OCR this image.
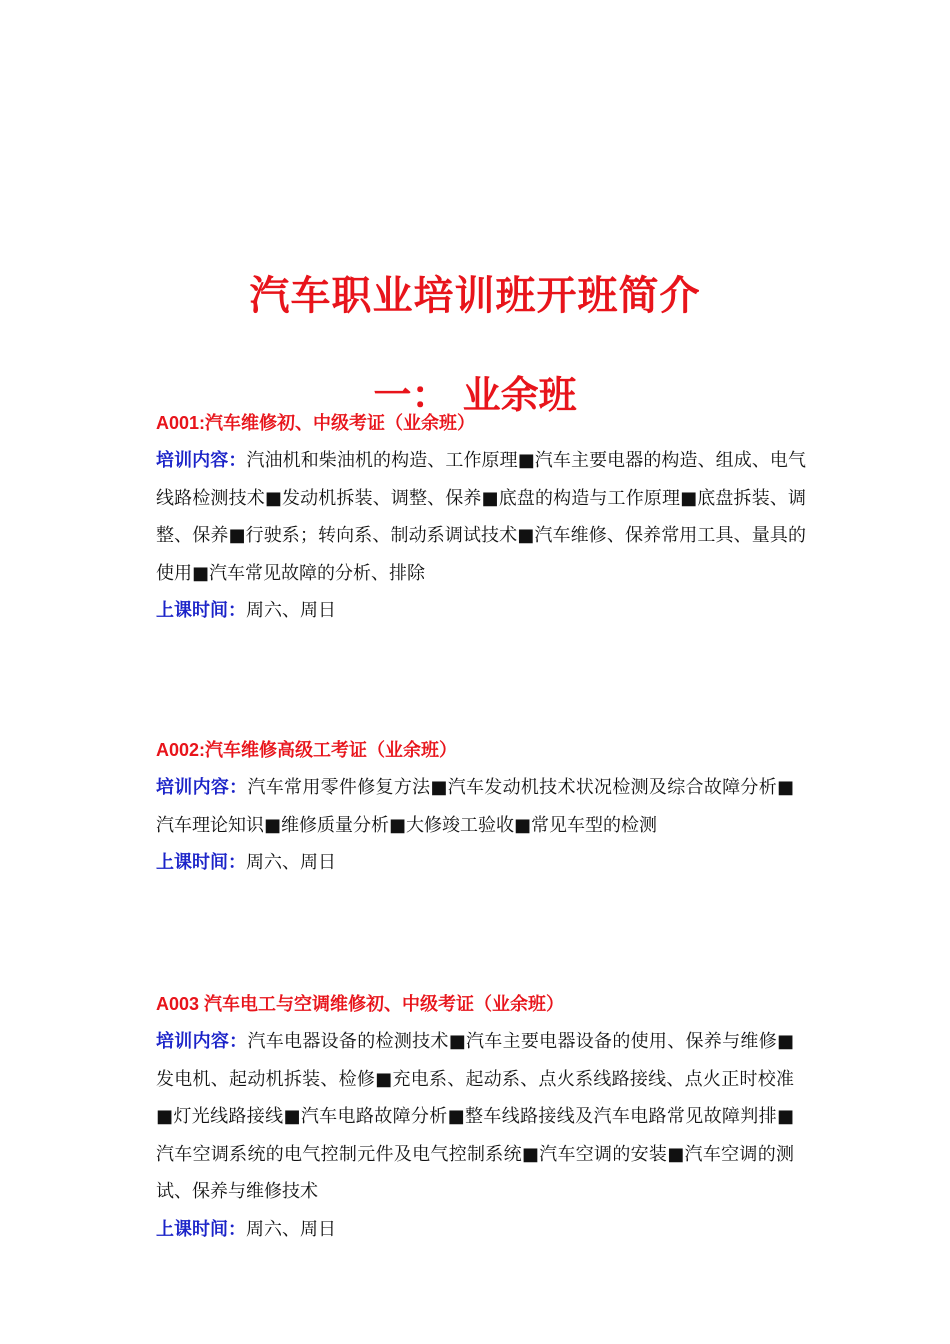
汽车职业培训班开班简介
一： 业余班

A001:汽车维修初、中级考证（业余班）

培训内容：汽油机和柴油机的构造、工作原理■汽车主要电器的构造、组成、电气线路检测技术■发动机拆装、调整、保养■底盘的构造与工作原理■底盘拆装、调整、保养■行驶系；转向系、制动系调试技术■汽车维修、保养常用工具、量具的使用■汽车常见故障的分析、排除

上课时间：周六、周日

A002:汽车维修高级工考证（业余班）

培训内容：汽车常用零件修复方法■汽车发动机技术状况检测及综合故障分析■汽车理论知识■维修质量分析■大修竣工验收■常见车型的检测

上课时间：周六、周日

A003 汽车电工与空调维修初、中级考证（业余班）

培训内容：汽车电器设备的检测技术■汽车主要电器设备的使用、保养与维修■发电机、起动机拆装、检修■充电系、起动系、点火系线路接线、点火正时校准■灯光线路接线■汽车电路故障分析■整车线路接线及汽车电路常见故障判排■汽车空调系统的电气控制元件及电气控制系统■汽车空调的安装■汽车空调的测试、保养与维修技术

上课时间：周六、周日
